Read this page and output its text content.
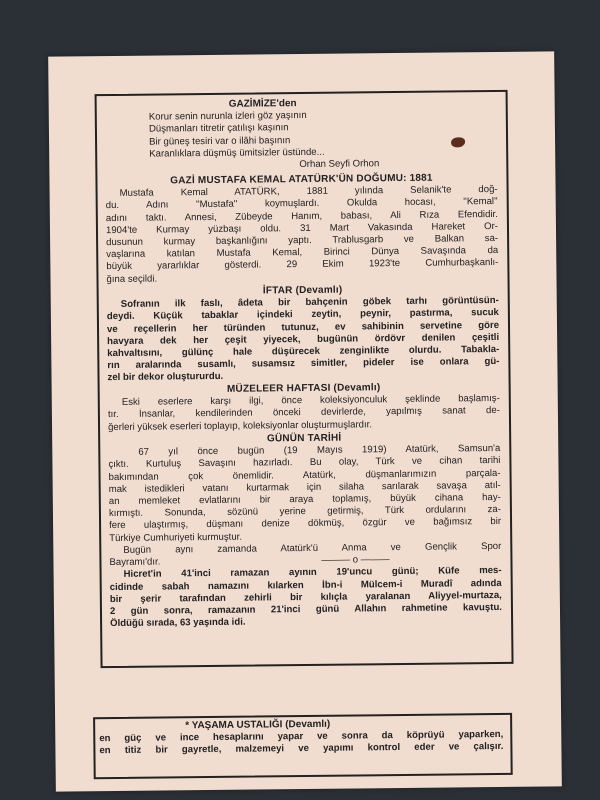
GAZİMİZE'den
Korur senin nurunla izleri göz yaşının
Düşmanları titretir çatılışı kaşının
Bir güneş tesiri var o ilâhi başının
Karanlıklara düşmüş ümitsizler üstünde...
Orhan Seyfi Orhon
GAZİ MUSTAFA KEMAL ATATÜRK'ÜN DOĞUMU: 1881
Mustafa Kemal ATATÜRK, 1881 yılında Selanik'te doğ-
du. Adını ''Mustafa'' koymuşlardı. Okulda hocası, ''Kemal''
adını taktı. Annesi, Zübeyde Hanım, babası, Ali Rıza Efendidir.
1904'te Kurmay yüzbaşı oldu. 31 Mart Vakasında Hareket Or-
dusunun kurmay başkanlığını yaptı. Trablusgarb ve Balkan sa-
vaşlarına katılan Mustafa Kemal, Birinci Dünya Savaşında da
büyük yararlıklar gösterdi. 29 Ekim 1923'te Cumhurbaşkanlı-
ğına seçildi.
İFTAR (Devamlı)
Sofranın ilk faslı, âdeta bir bahçenin göbek tarhı görüntüsün-
deydi. Küçük tabaklar içindeki zeytin, peynir, pastırma, sucuk
ve reçellerin her türünden tutunuz, ev sahibinin servetine göre
havyara dek her çeşit yiyecek, bugünün ördövr denilen çeşitli
kahvaltısını, gülünç hale düşürecek zenginlikte olurdu. Tabakla-
rın aralarında susamlı, susamsız simitler, pideler ise onlara gü-
zel bir dekor oluştururdu.
MÜZELEER HAFTASI (Devamlı)
Eski eserlere karşı ilgi, önce koleksiyonculuk şeklinde başlamış-
tır. İnsanlar, kendilerinden önceki devirlerde, yapılmış sanat de-
ğerleri yüksek eserleri toplayıp, koleksiyonlar oluşturmuşlardır.
GÜNÜN TARİHİ
67 yıl önce bugün (19 Mayıs 1919) Atatürk, Samsun'a
çıktı. Kurtuluş Savaşını hazırladı. Bu olay, Türk ve cihan tarihi
bakımından çok önemlidir. Atatürk, düşmanlarımızın parçala-
mak istedikleri vatanı kurtarmak için silaha sarılarak savaşa atıl-
an memleket evlatlarını bir araya toplamış, büyük cihana hay-
kırmıştı. Sonunda, sözünü yerine getirmiş, Türk ordularını za-
fere ulaştırmış, düşmanı denize dökmüş, özgür ve bağımsız bir
Türkiye Cumhuriyeti kurmuştur.
Bugün aynı zamanda Atatürk'ü Anma ve Gençlik Spor
Bayramı'dır.	——— o ———
Hicret'in 41'inci ramazan ayının 19'uncu günü; Küfe mes-
cidinde sabah namazını kılarken İbn-i Mülcem-i Muradî adında
bir şerir tarafından zehirli bir kılıçla yaralanan Aliyyel-murtaza,
2 gün sonra, ramazanın 21'inci günü Allahın rahmetine kavuştu.
Öldüğü sırada, 63 yaşında idi.
* YAŞAMA USTALIĞI (Devamlı)
en güç ve ince hesaplarını yapar ve sonra da köprüyü yaparken,
en titiz bir gayretle, malzemeyi ve yapımı kontrol eder ve çalışır.
